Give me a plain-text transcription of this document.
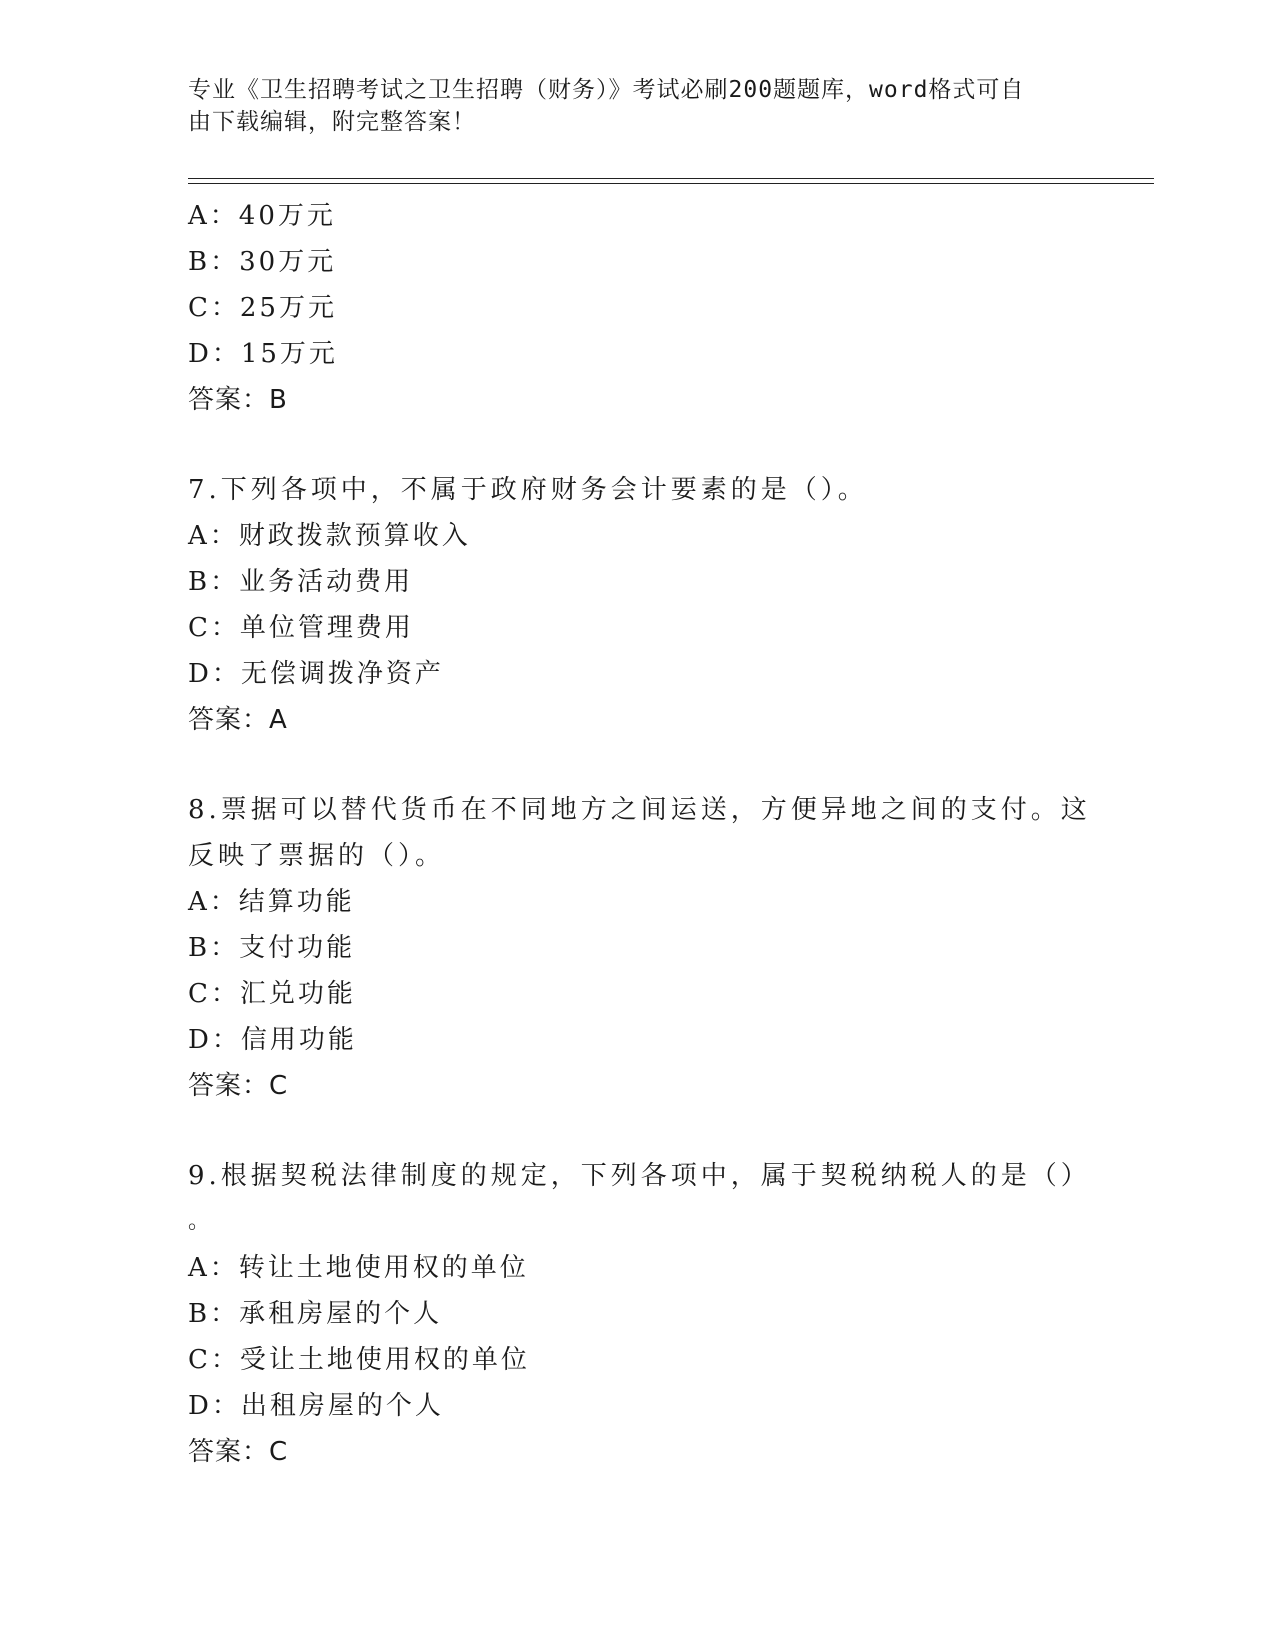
专业《卫生招聘考试之卫生招聘（财务）》考试必刷200题题库，word格式可自
由下载编辑，附完整答案！
A：40万元
B：30万元
C：25万元
D：15万元
答案：B
7.下列各项中，不属于政府财务会计要素的是（）。
A：财政拨款预算收入
B：业务活动费用
C：单位管理费用
D：无偿调拨净资产
答案：A
8.票据可以替代货币在不同地方之间运送，方便异地之间的支付。这
反映了票据的（）。
A：结算功能
B：支付功能
C：汇兑功能
D：信用功能
答案：C
9.根据契税法律制度的规定，下列各项中，属于契税纳税人的是（）
。
A：转让土地使用权的单位
B：承租房屋的个人
C：受让土地使用权的单位
D：出租房屋的个人
答案：C
